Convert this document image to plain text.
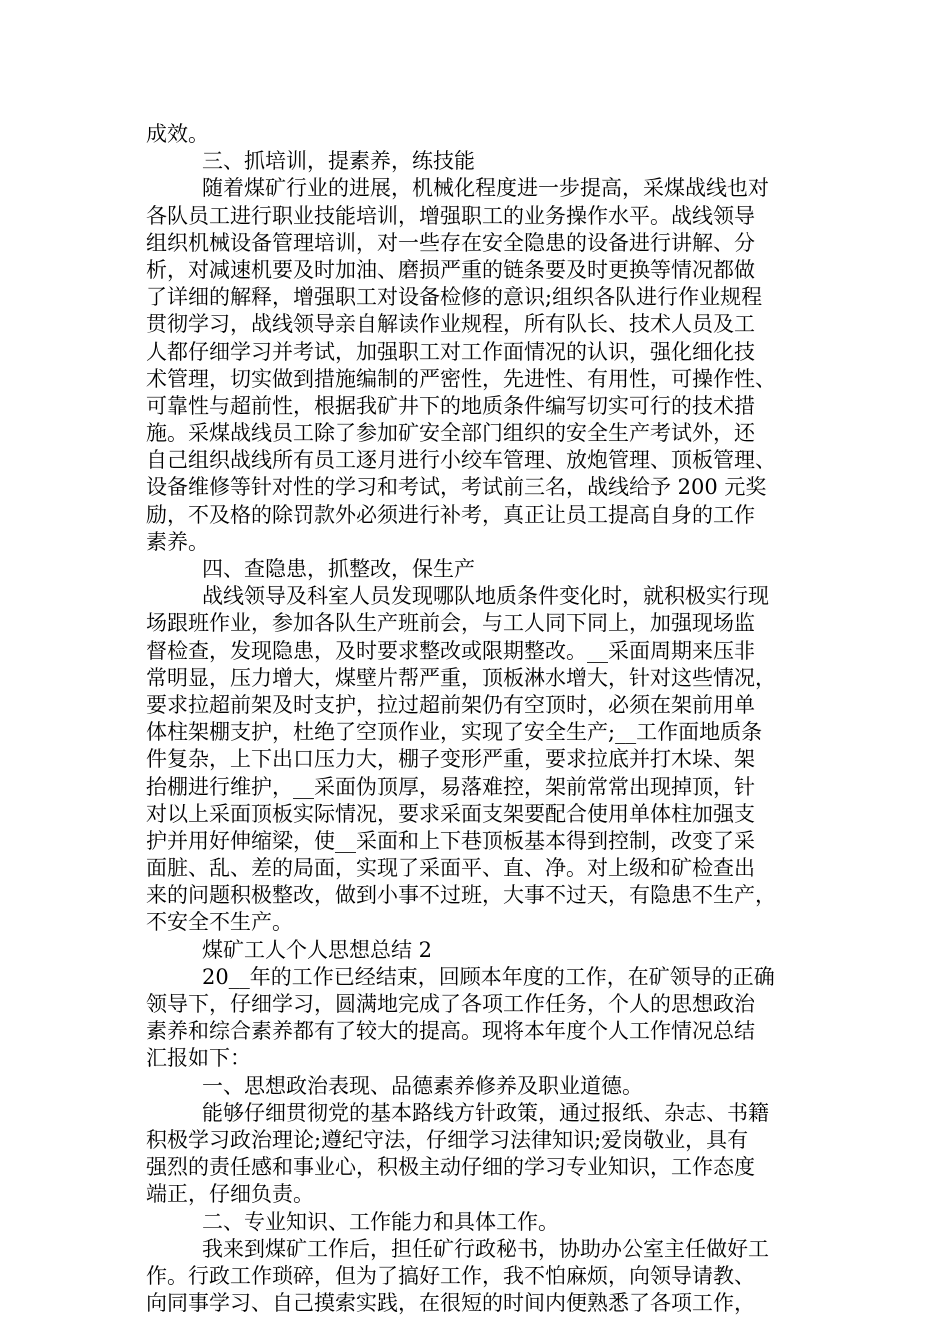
成效。
三、抓培训，提素养，练技能
随着煤矿行业的进展，机械化程度进一步提高，采煤战线也对
各队员工进行职业技能培训，增强职工的业务操作水平。战线领导
组织机械设备管理培训，对一些存在安全隐患的设备进行讲解、分
析，对减速机要及时加油、磨损严重的链条要及时更换等情况都做
了详细的解释，增强职工对设备检修的意识;组织各队进行作业规程
贯彻学习，战线领导亲自解读作业规程，所有队长、技术人员及工
人都仔细学习并考试，加强职工对工作面情况的认识，强化细化技
术管理，切实做到措施编制的严密性，先进性、有用性，可操作性、
可靠性与超前性，根据我矿井下的地质条件编写切实可行的技术措
施。采煤战线员工除了参加矿安全部门组织的安全生产考试外，还
自己组织战线所有员工逐月进行小绞车管理、放炮管理、顶板管理、
设备维修等针对性的学习和考试，考试前三名，战线给予 200 元奖
励，不及格的除罚款外必须进行补考，真正让员工提高自身的工作
素养。
四、查隐患，抓整改，保生产
战线领导及科室人员发现哪队地质条件变化时，就积极实行现
场跟班作业，参加各队生产班前会，与工人同下同上，加强现场监
督检查，发现隐患，及时要求整改或限期整改。__采面周期来压非
常明显，压力增大，煤壁片帮严重，顶板淋水增大，针对这些情况，
要求拉超前架及时支护，拉过超前架仍有空顶时，必须在架前用单
体柱架棚支护，杜绝了空顶作业，实现了安全生产;__工作面地质条
件复杂，上下出口压力大，棚子变形严重，要求拉底并打木垛、架
抬棚进行维护，__采面伪顶厚，易落难控，架前常常出现掉顶，针
对以上采面顶板实际情况，要求采面支架要配合使用单体柱加强支
护并用好伸缩梁，使__采面和上下巷顶板基本得到控制，改变了采
面脏、乱、差的局面，实现了采面平、直、净。对上级和矿检查出
来的问题积极整改，做到小事不过班，大事不过天，有隐患不生产，
不安全不生产。
煤矿工人个人思想总结 2
20__年的工作已经结束，回顾本年度的工作，在矿领导的正确
领导下，仔细学习，圆满地完成了各项工作任务，个人的思想政治
素养和综合素养都有了较大的提高。现将本年度个人工作情况总结
汇报如下：
一、思想政治表现、品德素养修养及职业道德。
能够仔细贯彻党的基本路线方针政策，通过报纸、杂志、书籍
积极学习政治理论;遵纪守法，仔细学习法律知识;爱岗敬业，具有
强烈的责任感和事业心，积极主动仔细的学习专业知识，工作态度
端正，仔细负责。
二、专业知识、工作能力和具体工作。
我来到煤矿工作后，担任矿行政秘书，协助办公室主任做好工
作。行政工作琐碎，但为了搞好工作，我不怕麻烦，向领导请教、
向同事学习、自己摸索实践，在很短的时间内便熟悉了各项工作，
